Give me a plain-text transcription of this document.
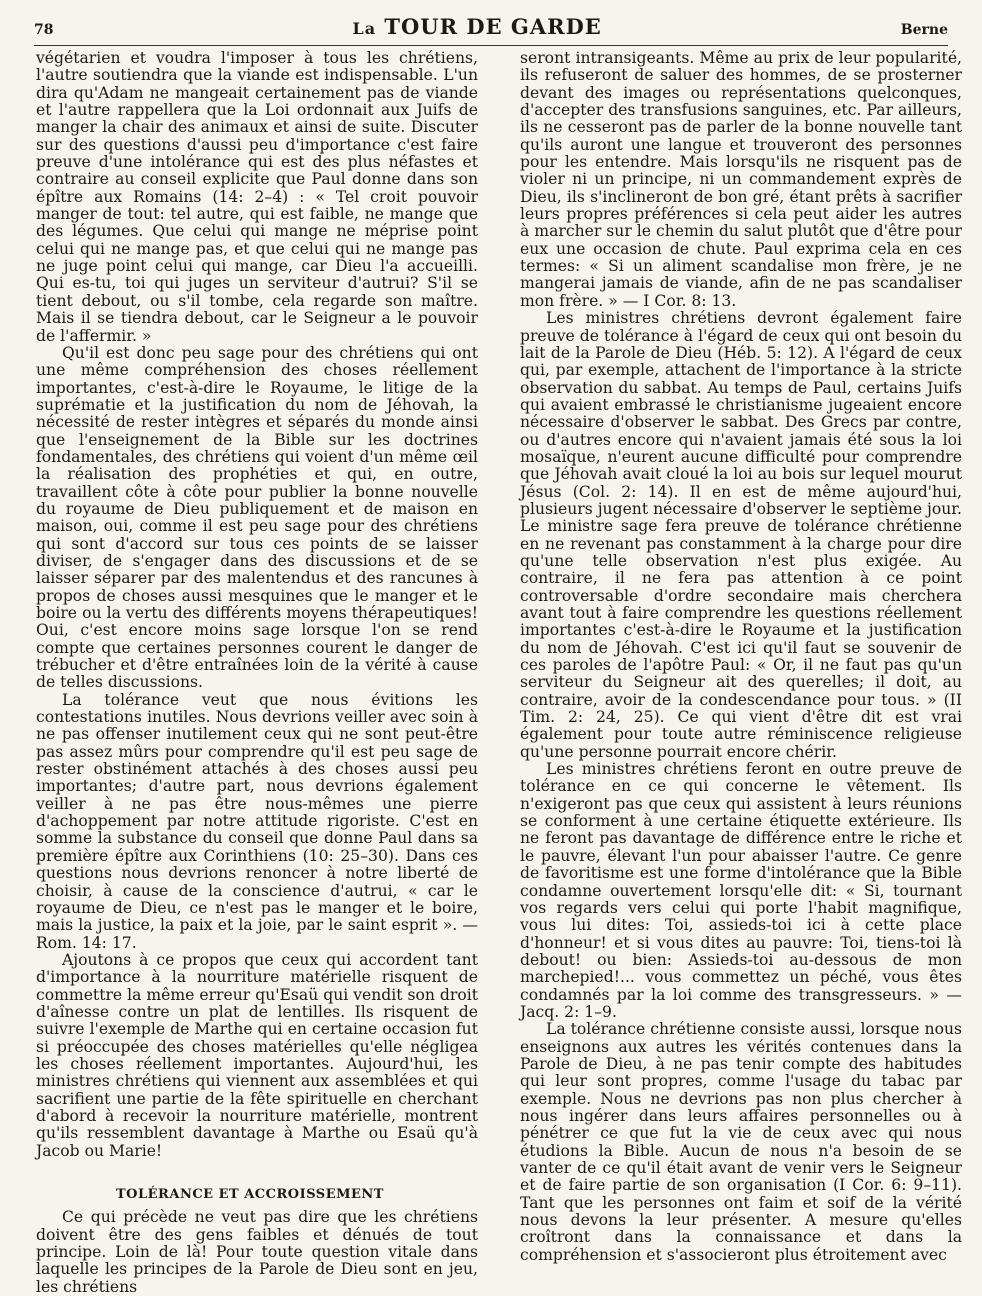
78	La TOUR DE GARDE	Berne

végétarien et voudra l'imposer à tous les chrétiens, l'autre soutiendra que la viande est indispensable. L'un dira qu'Adam ne mangeait certainement pas de viande et l'autre rappellera que la Loi ordonnait aux Juifs de manger la chair des animaux et ainsi de suite. Discuter sur des questions d'aussi peu d'importance c'est faire preuve d'une intolérance qui est des plus néfastes et contraire au conseil explicite que Paul donne dans son épître aux Romains (14: 2–4) : « Tel croit pouvoir manger de tout: tel autre, qui est faible, ne mange que des légumes. Que celui qui mange ne méprise point celui qui ne mange pas, et que celui qui ne mange pas ne juge point celui qui mange, car Dieu l'a accueilli. Qui es-tu, toi qui juges un serviteur d'autrui? S'il se tient debout, ou s'il tombe, cela regarde son maître. Mais il se tiendra debout, car le Seigneur a le pouvoir de l'affermir. »

Qu'il est donc peu sage pour des chrétiens qui ont une même compréhension des choses réellement importantes, c'est-à-dire le Royaume, le litige de la suprématie et la justification du nom de Jéhovah, la nécessité de rester intègres et séparés du monde ainsi que l'enseignement de la Bible sur les doctrines fondamentales, des chrétiens qui voient d'un même œil la réalisation des prophéties et qui, en outre, travaillent côte à côte pour publier la bonne nouvelle du royaume de Dieu publiquement et de maison en maison, oui, comme il est peu sage pour des chrétiens qui sont d'accord sur tous ces points de se laisser diviser, de s'engager dans des discussions et de se laisser séparer par des malentendus et des rancunes à propos de choses aussi mesquines que le manger et le boire ou la vertu des différents moyens thérapeutiques! Oui, c'est encore moins sage lorsque l'on se rend compte que certaines personnes courent le danger de trébucher et d'être entraînées loin de la vérité à cause de telles discussions.

La tolérance veut que nous évitions les contestations inutiles. Nous devrions veiller avec soin à ne pas offenser inutilement ceux qui ne sont peut-être pas assez mûrs pour comprendre qu'il est peu sage de rester obstinément attachés à des choses aussi peu importantes; d'autre part, nous devrions également veiller à ne pas être nous-mêmes une pierre d'achoppement par notre attitude rigoriste. C'est en somme la substance du conseil que donne Paul dans sa première épître aux Corinthiens (10: 25–30). Dans ces questions nous devrions renoncer à notre liberté de choisir, à cause de la conscience d'autrui, « car le royaume de Dieu, ce n'est pas le manger et le boire, mais la justice, la paix et la joie, par le saint esprit ». — Rom. 14: 17.

Ajoutons à ce propos que ceux qui accordent tant d'importance à la nourriture matérielle risquent de commettre la même erreur qu'Esaü qui vendit son droit d'aînesse contre un plat de lentilles. Ils risquent de suivre l'exemple de Marthe qui en certaine occasion fut si préoccupée des choses matérielles qu'elle négligea les choses réellement importantes. Aujourd'hui, les ministres chrétiens qui viennent aux assemblées et qui sacrifient une partie de la fête spirituelle en cherchant d'abord à recevoir la nourriture matérielle, montrent qu'ils ressemblent davantage à Marthe ou Esaü qu'à Jacob ou Marie!

TOLÉRANCE ET ACCROISSEMENT

Ce qui précède ne veut pas dire que les chrétiens doivent être des gens faibles et dénués de tout principe. Loin de là! Pour toute question vitale dans laquelle les principes de la Parole de Dieu sont en jeu, les chrétiens

seront intransigeants. Même au prix de leur popularité, ils refuseront de saluer des hommes, de se prosterner devant des images ou représentations quelconques, d'accepter des transfusions sanguines, etc. Par ailleurs, ils ne cesseront pas de parler de la bonne nouvelle tant qu'ils auront une langue et trouveront des personnes pour les entendre. Mais lorsqu'ils ne risquent pas de violer ni un principe, ni un commandement exprès de Dieu, ils s'inclineront de bon gré, étant prêts à sacrifier leurs propres préférences si cela peut aider les autres à marcher sur le chemin du salut plutôt que d'être pour eux une occasion de chute. Paul exprima cela en ces termes: « Si un aliment scandalise mon frère, je ne mangerai jamais de viande, afin de ne pas scandaliser mon frère. » — I Cor. 8: 13.

Les ministres chrétiens devront également faire preuve de tolérance à l'égard de ceux qui ont besoin du lait de la Parole de Dieu (Héb. 5: 12). A l'égard de ceux qui, par exemple, attachent de l'importance à la stricte observation du sabbat. Au temps de Paul, certains Juifs qui avaient embrassé le christianisme jugeaient encore nécessaire d'observer le sabbat. Des Grecs par contre, ou d'autres encore qui n'avaient jamais été sous la loi mosaïque, n'eurent aucune difficulté pour comprendre que Jéhovah avait cloué la loi au bois sur lequel mourut Jésus (Col. 2: 14). Il en est de même aujourd'hui, plusieurs jugent nécessaire d'observer le septième jour. Le ministre sage fera preuve de tolérance chrétienne en ne revenant pas constamment à la charge pour dire qu'une telle observation n'est plus exigée. Au contraire, il ne fera pas attention à ce point controversable d'ordre secondaire mais cherchera avant tout à faire comprendre les questions réellement importantes c'est-à-dire le Royaume et la justification du nom de Jéhovah. C'est ici qu'il faut se souvenir de ces paroles de l'apôtre Paul: « Or, il ne faut pas qu'un serviteur du Seigneur ait des querelles; il doit, au contraire, avoir de la condescendance pour tous. » (II Tim. 2: 24, 25). Ce qui vient d'être dit est vrai également pour toute autre réminiscence religieuse qu'une personne pourrait encore chérir.

Les ministres chrétiens feront en outre preuve de tolérance en ce qui concerne le vêtement. Ils n'exigeront pas que ceux qui assistent à leurs réunions se conforment à une certaine étiquette extérieure. Ils ne feront pas davantage de différence entre le riche et le pauvre, élevant l'un pour abaisser l'autre. Ce genre de favoritisme est une forme d'intolérance que la Bible condamne ouvertement lorsqu'elle dit: « Si, tournant vos regards vers celui qui porte l'habit magnifique, vous lui dites: Toi, assieds-toi ici à cette place d'honneur! et si vous dites au pauvre: Toi, tiens-toi là debout! ou bien: Assieds-toi au-dessous de mon marchepied!... vous commettez un péché, vous êtes condamnés par la loi comme des transgresseurs. » — Jacq. 2: 1–9.

La tolérance chrétienne consiste aussi, lorsque nous enseignons aux autres les vérités contenues dans la Parole de Dieu, à ne pas tenir compte des habitudes qui leur sont propres, comme l'usage du tabac par exemple. Nous ne devrions pas non plus chercher à nous ingérer dans leurs affaires personnelles ou à pénétrer ce que fut la vie de ceux avec qui nous étudions la Bible. Aucun de nous n'a besoin de se vanter de ce qu'il était avant de venir vers le Seigneur et de faire partie de son organisation (I Cor. 6: 9–11). Tant que les personnes ont faim et soif de la vérité nous devons la leur présenter. A mesure qu'elles croîtront dans la connaissance et dans la compréhension et s'associeront plus étroitement avec
